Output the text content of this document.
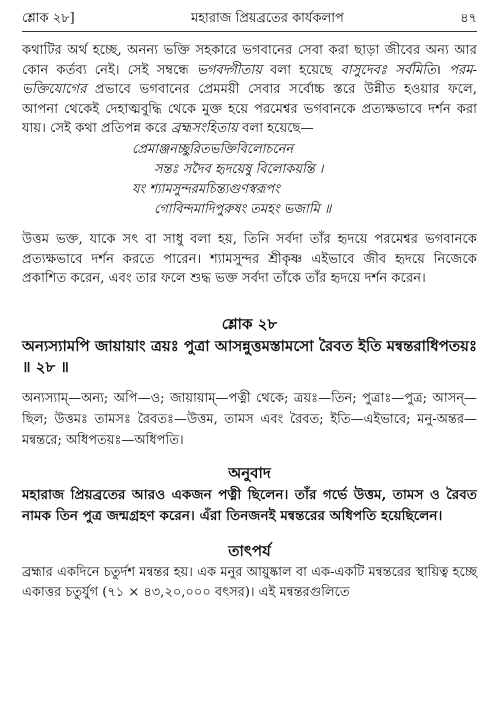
শ্লোক ২৮]	মহারাজ প্রিয়ব্রতের কার্যকলাপ	৪৭

কথাটির অর্থ হচ্ছে, অনন্য ভক্তি সহকারে ভগবানের সেবা করা ছাড়া জীবের অন্য আর কোন কর্তব্য নেই। সেই সম্বন্ধে ভগবদ্গীতায় বলা হয়েছে বাসুদেবঃ সর্বমিতি। পরম-ভক্তিযোগের প্রভাবে ভগবানের প্রেমময়ী সেবার সর্বোচ্চ স্তরে উন্নীত হওয়ার ফলে, আপনা থেকেই দেহাত্মবুদ্ধি থেকে মুক্ত হয়ে পরমেশ্বর ভগবানকে প্রত্যক্ষভাবে দর্শন করা যায়। সেই কথা প্রতিপন্ন করে ব্রহ্মসংহিতায় বলা হয়েছে—

প্রেমাঞ্জনচ্ছুরিতভক্তিবিলোচনেন
সন্তঃ সদৈব হৃদয়েষু বিলোকয়ন্তি ।
যং শ্যামসুন্দরমচিন্ত্যগুণস্বরূপং
গোবিন্দমাদিপুরুষং তমহং ভজামি ॥

উত্তম ভক্ত, যাকে সৎ বা সাধু বলা হয়, তিনি সর্বদা তাঁর হৃদয়ে পরমেশ্বর ভগবানকে প্রত্যক্ষভাবে দর্শন করতে পারেন। শ্যামসুন্দর শ্রীকৃষ্ণ এইভাবে জীব হৃদয়ে নিজেকে প্রকাশিত করেন, এবং তার ফলে শুদ্ধ ভক্ত সর্বদা তাঁকে তাঁর হৃদয়ে দর্শন করেন।

শ্লোক ২৮
অন্যস্যামপি জায়ায়াং ত্রয়ঃ পুত্রা আসন্নুত্তমস্তামসো রৈবত ইতি মন্বন্তরাধিপতয়ঃ ॥ ২৮ ॥
অন্যস্যাম্—অন্য; অপি—ও; জায়ায়াম্—পত্নী থেকে; ত্রয়ঃ—তিন; পুত্রাঃ—পুত্র; আসন্—ছিল; উত্তমঃ তামসঃ রৈবতঃ—উত্তম, তামস এবং রৈবত; ইতি—এইভাবে; মনু-অন্তর—মন্বন্তরে; অধিপতয়ঃ—অধিপতি।
অনুবাদ
মহারাজ প্রিয়ব্রতের আরও একজন পত্নী ছিলেন। তাঁর গর্ভে উত্তম, তামস ও রৈবত নামক তিন পুত্র জন্মগ্রহণ করেন। এঁরা তিনজনই মন্বন্তরের অধিপতি হয়েছিলেন।
তাৎপর্য
ব্রহ্মার একদিনে চতুর্দশ মন্বন্তর হয়। এক মনুর আয়ুষ্কাল বা এক-একটি মন্বন্তরের স্থায়িত্ব হচ্ছে একাত্তর চতুর্যুগ (৭১ × ৪৩,২০,০০০ বৎসর)। এই মন্বন্তরগুলিতে
